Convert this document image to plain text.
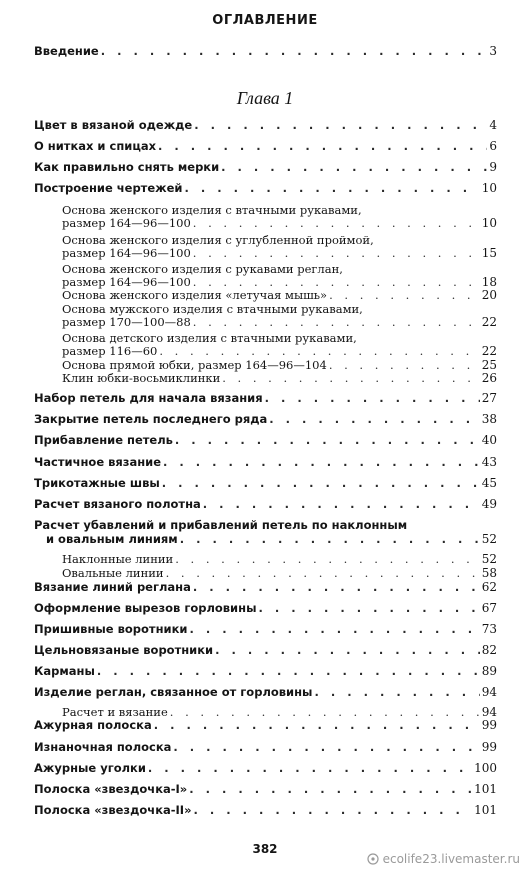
ОГЛАВЛЕНИЕ
Введение . . .	3
Глава 1
Цвет в вязаной одежде . . .	4
О нитках и спицах . . .	6
Как правильно снять мерки . . .	9
Построение чертежей . . .	10
Основа женского изделия с втачными рукавами,
размер 164—96—100 . . .	10
Основа женского изделия с углубленной проймой,
размер 164—96—100 . . .	15
Основа женского изделия с рукавами реглан,
размер 164—96—100 . . .	18
Основа женского изделия «летучая мышь» . . .	20
Основа мужского изделия с втачными рукавами,
размер 170—100—88 . . .	22
Основа детского изделия с втачными рукавами,
размер 116—60 . . .	22
Основа прямой юбки, размер 164—96—104 . . .	25
Клин юбки-восьмиклинки . . .	26
Набор петель для начала вязания . . .	27
Закрытие петель последнего ряда . . .	38
Прибавление петель . . .	40
Частичное вязание . . .	43
Трикотажные швы . . .	45
Расчет вязаного полотна . . .	49
Расчет убавлений и прибавлений петель по наклонным
и овальным линиям . . .	52
Наклонные линии . . .	52
Овальные линии . . .	58
Вязание линий реглана . . .	62
Оформление вырезов горловины . . .	67
Пришивные воротники . . .	73
Цельновязаные воротники . . .	82
Карманы . . .	89
Изделие реглан, связанное от горловины . . .	94
Расчет и вязание . . .	94
Ажурная полоска . . .	99
Изнаночная полоска . . .	99
Ажурные уголки . . .	100
Полоска «звездочка-I» . . .	101
Полоска «звездочка-II» . . .	101
382
ecolife23.livemaster.ru
